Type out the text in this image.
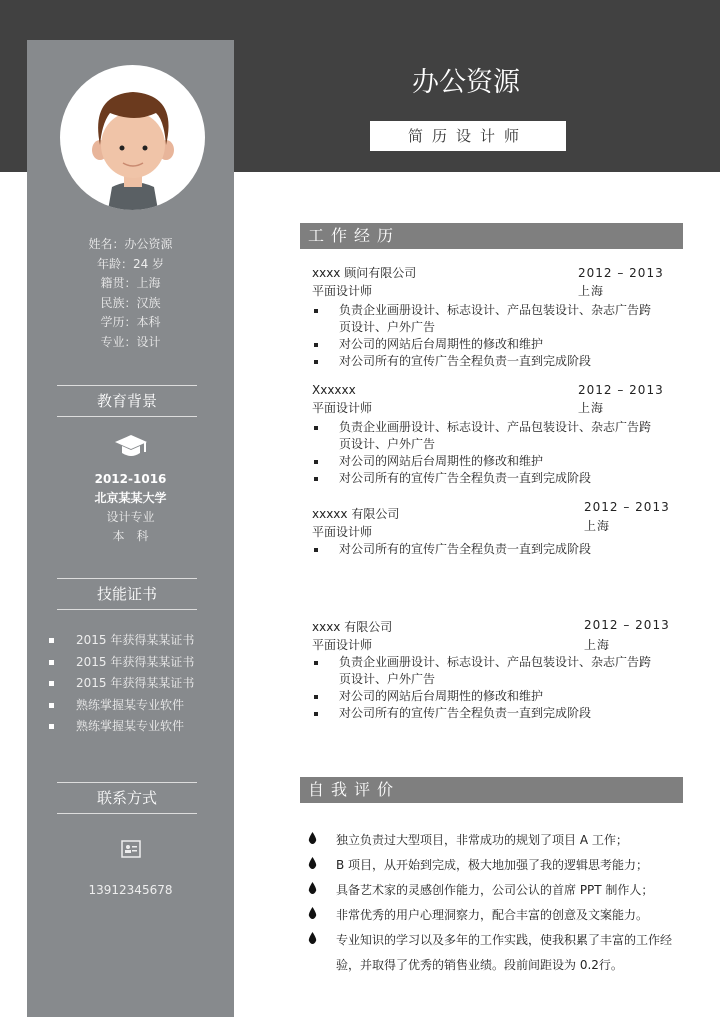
办公资源
简历设计师
姓名：办公资源
年龄：24 岁
籍贯：上海
民族：汉族
学历：本科
专业：设计
教育背景
2012-1016
北京某某大学
设计专业
本　科
技能证书
2015 年获得某某证书
2015 年获得某某证书
2015 年获得某某证书
熟练掌握某专业软件
熟练掌握某专业软件
联系方式
13912345678
工作经历
xxxx 顾问有限公司	2012 – 2013
平面设计师	上海
负责企业画册设计、标志设计、产品包装设计、杂志广告跨页设计、户外广告
对公司的网站后台周期性的修改和维护
对公司所有的宣传广告全程负责一直到完成阶段
Xxxxxx	2012 – 2013
平面设计师	上海
负责企业画册设计、标志设计、产品包装设计、杂志广告跨页设计、户外广告
对公司的网站后台周期性的修改和维护
对公司所有的宣传广告全程负责一直到完成阶段
xxxxx 有限公司	2012 – 2013
平面设计师	上海
对公司所有的宣传广告全程负责一直到完成阶段
xxxx 有限公司	2012 – 2013
平面设计师	上海
负责企业画册设计、标志设计、产品包装设计、杂志广告跨页设计、户外广告
对公司的网站后台周期性的修改和维护
对公司所有的宣传广告全程负责一直到完成阶段
自我评价
独立负责过大型项目，非常成功的规划了项目 A 工作；
B 项目，从开始到完成，极大地加强了我的逻辑思考能力；
具备艺术家的灵感创作能力，公司公认的首席 PPT 制作人；
非常优秀的用户心理洞察力，配合丰富的创意及文案能力。
专业知识的学习以及多年的工作实践，使我积累了丰富的工作经验，并取得了优秀的销售业绩。段前间距设为 0.2行。
